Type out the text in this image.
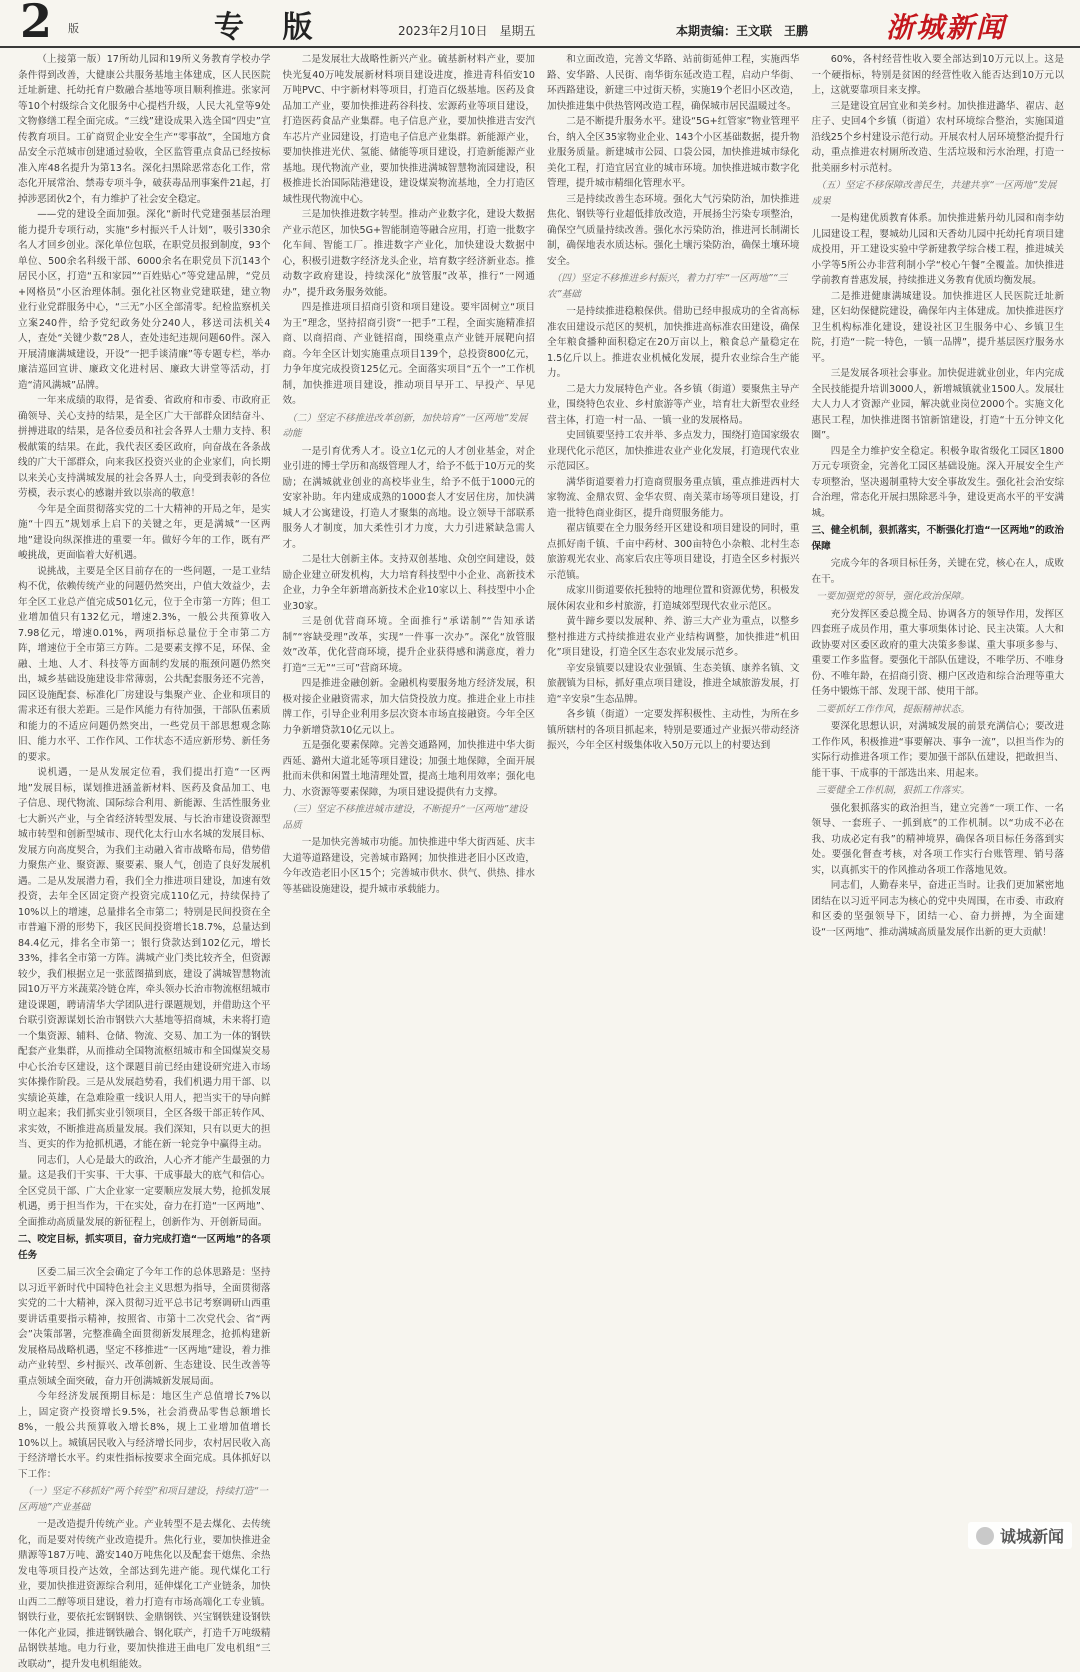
2 版	专 版	2023年2月10日　星期五	本期责编：王文联　王鹏	浙城新闻

（上接第一版）17所幼儿园和19所义务教育学校办学条件得到改善，大健康公共服务基地主体建成，区人民医院迁址新建、托幼托育户数融合基地等项目顺利推进。张家河等10个村级综合文化服务中心提档升级，人民大礼堂等9处文物修缮工程全面完成。“三线”建设成果入选全国“四史”宣传教育项目。工矿商贸企业安全生产“零事故”，全国地方食品安全示范城市创建通过验收，全区监管重点食品已经按标准入库48名提升为第13名。深化扫黑除恶常态化工作，常态化开展常治、禁毒专项斗争，破获毒品刑事案件21起，打掉涉恶团伙2个，有力维护了社会安全稳定。

——党的建设全面加强。深化“新时代党建强基层治理能力提升专项行动，实施“乡村振兴千人计划”，吸引330余名人才回乡创业。深化单位包联，在职党员报到制度，93个单位、500余名科级干部、6000余名在职党员下沉143个居民小区，打造“五和家园”“百姓贴心”等党建品牌，“党员+网格员”小区治理体制。强化社区物业党建联建，建立物业行业党群服务中心，“三无”小区全部清零。纪检监察机关立案240件，给予党纪政务处分240人，移送司法机关4人，查处“关键少数”28人，查处违纪违规问题60件。深入开展清廉满城建设，开设“一把手谈清廉”等专题专栏，举办廉洁巡回宣讲、廉政文化进村居、廉政大讲堂等活动，打造“清风满城”品牌。

一年来成绩的取得，是省委、省政府和市委、市政府正确领导、关心支持的结果，是全区广大干部群众团结奋斗、拼搏进取的结果，是各位委员和社会各界人士鼎力支持、积极献策的结果。在此，我代表区委区政府，向奋战在各条战线的广大干部群众，向来我区投资兴业的企业家们，向长期以来关心支持满城发展的社会各界人士，向受到表彰的各位劳模，表示衷心的感谢并致以崇高的敬意！

今年是全面贯彻落实党的二十大精神的开局之年，是实施“十四五”规划承上启下的关键之年，更是满城“一区两地”建设向纵深推进的重要一年。做好今年的工作，既有严峻挑战，更面临着大好机遇。

说挑战，主要是全区目前存在的一些问题，一是工业结构不优，依赖传统产业的问题仍然突出，户值大效益少，去年全区工业总产值完成501亿元，位于全市第一方阵；但工业增加值只有132亿元，增速2.3%，一般公共预算收入7.98亿元，增速0.01%，两项指标总量位于全市第二方阵，增速位于全市第三方阵。二是要素支撑不足，环保、金融、土地、人才、科技等方面制约发展的瓶颈问题仍然突出，城乡基础设施建设非常薄弱，公共配套服务还不完善，园区设施配套、标准化厂房建设与集聚产业、企业和项目的需求还有很大差距。三是作风能力有待加强，干部队伍素质和能力的不适应问题仍然突出，一些党员干部思想观念陈旧、能力水平、工作作风、工作状态不适应新形势、新任务的要求。

说机遇，一是从发展定位看，我们提出打造“一区两地”发展目标，谋划推进涵盖新材料、医药及食品加工、电子信息、现代物流、国际综合利用、新能源、生活性服务业七大新兴产业，与全省经济转型发展、与长治市建设资源型城市转型和创新型城市、现代化太行山水名城的发展目标、发展方向高度契合，为我们主动融入省市战略布局，借势借力聚焦产业、聚资源、聚要素、聚人气，创造了良好发展机遇。二是从发展潜力看，我们全力推进项目建设，加速有效投资，去年全区固定资产投资完成110亿元，持续保持了10%以上的增速，总量排名全市第二；特别是民间投资在全市普遍下滑的形势下，我区民间投资增长18.7%，总量达到84.4亿元，排名全市第一；银行贷款达到102亿元，增长33%，排名全市第一方阵。满城产业门类比较齐全，但资源较少，我们根据立足一张蓝图描到底，建设了满城智慧物流园10万平方米蔬菜冷链仓库，牵头领办长治市物流枢纽城市建设课题，聘请清华大学团队进行课题规划，并借助这个平台联引资源谋划长治市钢铁六大基地等招商城，未来将打造一个集资源、辅料、仓储、物流、交易、加工为一体的钢铁配套产业集群，从而推动全国物流枢纽城市和全国煤炭交易中心长治专区建设，这个课题目前已经由建设研究进入市场实体操作阶段。三是从发展趋势看，我们机遇力用干部、以实绩论英雄，在急难险重一线识人用人，把当实干的导向鲜明立起来；我们抓实业引领项目，全区各级干部正转作风、求实效，不断推进高质量发展。我们深知，只有以更大的担当、更实的作为抢抓机遇，才能在新一轮竞争中赢得主动。

同志们，人心是最大的政治，人心齐才能产生最强的力量。这是我们干实事、干大事、干成事最大的底气和信心。全区党员干部、广大企业家一定要顺应发展大势，抢抓发展机遇，勇于担当作为，干在实处，奋力在打造“一区两地”、全面推动高质量发展的新征程上，创新作为、开创新局面。

二、咬定目标，抓实项目，奋力完成打造“一区两地”的各项任务

区委二届三次全会确定了今年工作的总体思路是：坚持以习近平新时代中国特色社会主义思想为指导，全面贯彻落实党的二十大精神，深入贯彻习近平总书记考察调研山西重要讲话重要指示精神，按照省、市第十二次党代会、省“两会”决策部署，完整准确全面贯彻新发展理念，抢抓构建新发展格局战略机遇，坚定不移推进“一区两地”建设，着力推动产业转型、乡村振兴、改革创新、生态建设、民生改善等重点领域全面突破，奋力开创满城新发展局面。

今年经济发展预期目标是：地区生产总值增长7%以上，固定资产投资增长9.5%，社会消费品零售总额增长8%，一般公共预算收入增长8%，规上工业增加值增长10%以上。城镇居民收入与经济增长同步，农村居民收入高于经济增长水平。约束性指标按要求全面完成。具体抓好以下工作：

（一）坚定不移抓好“两个转型”和项目建设，持续打造“一区两地”产业基础

一是改造提升传统产业。产业转型不是去煤化、去传统化，而是要对传统产业改造提升。焦化行业，要加快推进金鼎源等187万吨、潞安140万吨焦化以及配套干熄焦、余热发电等项目投产达效，全部达到先进产能。现代煤化工行业，要加快推进资源综合利用，延伸煤化工产业链条，加快山西二二醇等项目建设，着力打造有市场高端化工专业镇。钢铁行业，要依托宏钢钢铁、金鼎钢铁、兴宝钢铁建设钢铁一体化产业园，推进钢铁融合、钢化联产，打造千万吨级精品钢铁基地。电力行业，要加快推进王曲电厂发电机组“三改联动”，提升发电机组能效。

二是发展壮大战略性新兴产业。硫基新材料产业，要加快光复40万吨发展新材料项目建设进度，推进青科佰安10万吨PVC、中宇新材料等项目，打造百亿级基地。医药及食品加工产业，要加快推进药谷科技、宏源药业等项目建设，打造医药食品产业集群。电子信息产业，要加快推进吉安汽车芯片产业园建设，打造电子信息产业集群。新能源产业，要加快推进光伏、氢能、储能等项目建设，打造新能源产业基地。现代物流产业，要加快推进满城智慧物流园建设，积极推进长治国际陆港建设，建设煤炭物流基地，全力打造区域性现代物流中心。

三是加快推进数字转型。推动产业数字化，建设大数据产业示范区，加快5G+智能制造等融合应用，打造一批数字化车间、智能工厂。推进数字产业化，加快建设大数据中心，积极引进数字经济龙头企业，培育数字经济新业态。推动数字政府建设，持续深化“放管服”改革，推行“一网通办”，提升政务服务效能。

四是推进项目招商引资和项目建设。要牢固树立“项目为王”理念，坚持招商引资“一把手”工程，全面实施精准招商、以商招商、产业链招商，围绕重点产业链开展靶向招商。今年全区计划实施重点项目139个，总投资800亿元，力争年度完成投资125亿元。全面落实项目“五个一”工作机制，加快推进项目建设，推动项目早开工、早投产、早见效。

（二）坚定不移推进改革创新，加快培育“一区两地”发展动能

一是引育优秀人才。设立1亿元的人才创业基金，对企业引进的博士学历和高级管理人才，给予不低于10万元的奖励；在满城就业创业的高校毕业生，给予不低于1000元的安家补助。年内建成成熟的1000套人才安居住房，加快满城人才公寓建设，打造人才聚集的高地。设立领导干部联系服务人才制度，加大柔性引才力度，大力引进紧缺急需人才。

二是壮大创新主体。支持双创基地、众创空间建设，鼓励企业建立研发机构，大力培育科技型中小企业、高新技术企业，力争全年新增高新技术企业10家以上、科技型中小企业30家。

三是创优营商环境。全面推行“承诺制”“告知承诺制”“容缺受理”改革，实现“一件事一次办”。深化“放管服效”改革，优化营商环境，提升企业获得感和满意度，着力打造“三无”“三可”营商环境。

四是推进金融创新。金融机构要服务地方经济发展，积极对接企业融资需求，加大信贷投放力度。推进企业上市挂牌工作，引导企业利用多层次资本市场直接融资。今年全区力争新增贷款10亿元以上。

五是强化要素保障。完善交通路网，加快推进中华大街西延、潞州大道北延等项目建设；加强土地保障，全面开展批而未供和闲置土地清理处置，提高土地利用效率；强化电力、水资源等要素保障，为项目建设提供有力支撑。

（三）坚定不移推进城市建设，不断提升“一区两地”建设品质

一是加快完善城市功能。加快推进中华大街西延、庆丰大道等道路建设，完善城市路网；加快推进老旧小区改造，今年改造老旧小区15个；完善城市供水、供气、供热、排水等基础设施建设，提升城市承载能力。

和立面改造，完善文华路、站前街延伸工程，实施西华路、安华路、人民街、南华街东延改造工程，启动户华街、环西路建设，新建三中过街天桥，实施19个老旧小区改造，加快推进集中供热管网改造工程，确保城市居民温暖过冬。

二是不断提升服务水平。建设“5G+红管家”物业管理平台，纳入全区35家物业企业、143个小区基础数据，提升物业服务质量。新建城市公园、口袋公园，加快推进城市绿化美化工程，打造宜居宜业的城市环境。加快推进城市数字化管理，提升城市精细化管理水平。

三是持续改善生态环境。强化大气污染防治，加快推进焦化、钢铁等行业超低排放改造，开展扬尘污染专项整治，确保空气质量持续改善。强化水污染防治，推进河长制湖长制，确保地表水质达标。强化土壤污染防治，确保土壤环境安全。

（四）坚定不移推进乡村振兴，着力打牢“一区两地”“三农”基础

一是持续推进稳粮保供。借助已经申报成功的全省高标准农田建设示范区的契机，加快推进高标准农田建设，确保全年粮食播种面积稳定在20万亩以上，粮食总产量稳定在1.5亿斤以上。推进农业机械化发展，提升农业综合生产能力。

二是大力发展特色产业。各乡镇（街道）要聚焦主导产业，围绕特色农业、乡村旅游等产业，培育壮大新型农业经营主体，打造一村一品、一镇一业的发展格局。

史回镇要坚持工农并举、多点发力，围绕打造国家级农业现代化示范区，加快推进农业产业化发展，打造现代农业示范园区。

满华街道要着力打造商贸服务重点镇，重点推进西村大家物流、金鼎农贸、金华农贸、南关菜市场等项目建设，打造一批特色商业街区，提升商贸服务能力。

翟店镇要在全力服务经开区建设和项目建设的同时，重点抓好南千镇、千亩中药材、300亩特色小杂粮、北村生态旅游观光农业、高家后农庄等项目建设，打造全区乡村振兴示范镇。

成家川街道要依托独特的地理位置和资源优势，积极发展休闲农业和乡村旅游，打造城郊型现代农业示范区。

黄牛蹄乡要以发展种、养、游三大产业为重点，以整乡整村推进方式持续推进农业产业结构调整，加快推进“机田化”项目建设，打造全区生态农业发展示范乡。

辛安泉镇要以建设农业强镇、生态美镇、康养名镇、文旅靓镇为目标，抓好重点项目建设，推进全域旅游发展，打造“辛安泉”生态品牌。

各乡镇（街道）一定要发挥积极性、主动性，为所在乡镇所辖村的各项目抓起来，特别是要通过产业振兴带动经济振兴，今年全区村级集体收入50万元以上的村要达到

60%，各村经营性收入要全部达到10万元以上。这是一个硬指标，特别是贫困的经营性收入能否达到10万元以上，这就要靠项目来支撑。

三是建设宜居宜业和美乡村。加快推进潞华、翟店、赵庄子、史回4个乡镇（街道）农村环境综合整治，实施国道沿线25个乡村建设示范行动。开展农村人居环境整治提升行动，重点推进农村厕所改造、生活垃圾和污水治理，打造一批美丽乡村示范村。

（五）坚定不移保障改善民生，共建共享“一区两地”发展成果

一是构建优质教育体系。加快推进紫丹幼儿园和南李幼儿园建设工程，婴城幼儿园和天香幼儿园中托幼托育项目建成投用，开工建设实验中学新建教学综合楼工程，推进城关小学等5所公办非营利制小学“校心午餐”全覆盖。加快推进学前教育普惠发展，持续推进义务教育优质均衡发展。

二是推进健康满城建设。加快推进区人民医院迁址新建，区妇幼保健院建设，确保年内主体建成。加快推进医疗卫生机构标准化建设，建设社区卫生服务中心、乡镇卫生院，打造“一院一特色，一镇一品牌”，提升基层医疗服务水平。

三是发展各项社会事业。加快促进就业创业，年内完成全民技能提升培训3000人，新增城镇就业1500人。发展壮大人力人才资源产业园，解决就业岗位2000个。实施文化惠民工程，加快推进图书馆新馆建设，打造“十五分钟文化圈”。

四是全力维护安全稳定。积极争取省级化工园区1800万元专项资金，完善化工园区基础设施。深入开展安全生产专项整治，坚决遏制重特大安全事故发生。强化社会治安综合治理，常态化开展扫黑除恶斗争，建设更高水平的平安满城。

三、健全机制，狠抓落实，不断强化打造“一区两地”的政治保障

完成今年的各项目标任务，关键在党，核心在人，成败在干。

一要加强党的领导，强化政治保障。

充分发挥区委总揽全局、协调各方的领导作用，发挥区四套班子成员作用，重大事项集体讨论、民主决策。人大和政协要对区委区政府的重大决策多参谋、重大事项多参与、重要工作多监督。要强化干部队伍建设，不唯学历、不唯身份、不唯年龄，在招商引资、棚户区改造和综合治理等重大任务中锻炼干部、发现干部、使用干部。

二要抓好工作作风，提振精神状态。

要深化思想认识，对满城发展的前景充满信心；要改进工作作风，积极推进“事要解决、事争一流”，以担当作为的实际行动推进各项工作；要加强干部队伍建设，把敢担当、能干事、干成事的干部选出来、用起来。

三要健全工作机制，狠抓工作落实。

强化狠抓落实的政治担当，建立完善“一项工作、一名领导、一套班子、一抓到底”的工作机制。以“功成不必在我、功成必定有我”的精神境界，确保各项目标任务落到实处。要强化督查考核，对各项工作实行台账管理、销号落实，以真抓实干的作风推动各项工作落地见效。

同志们，人勤春来早，奋进正当时。让我们更加紧密地团结在以习近平同志为核心的党中央周围，在市委、市政府和区委的坚强领导下，团结一心、奋力拼搏，为全面建设“一区两地”、推动满城高质量发展作出新的更大贡献！

诚城新闻
